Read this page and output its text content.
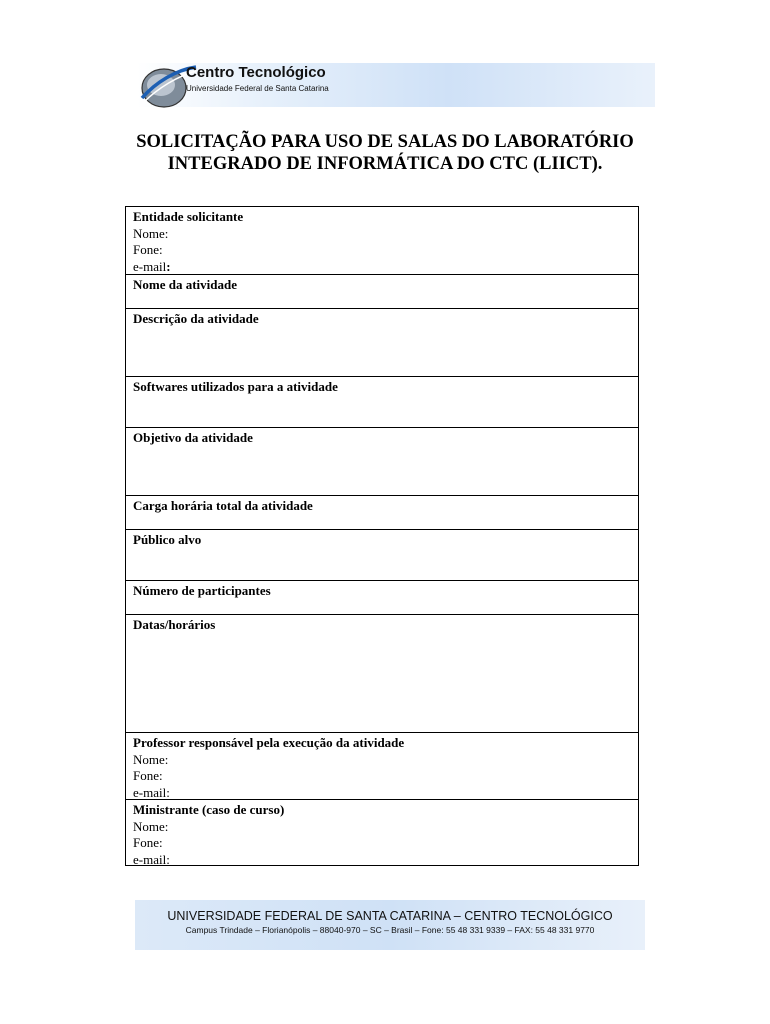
Centro Tecnológico
Universidade Federal de Santa Catarina
SOLICITAÇÃO PARA USO DE SALAS DO LABORATÓRIO
INTEGRADO DE INFORMÁTICA DO CTC (LIICT).
Entidade solicitante
Nome:
Fone:
e-mail:
Nome da atividade
Descrição da atividade
Softwares utilizados para a atividade
Objetivo da atividade
Carga horária total da atividade
Público alvo
Número de participantes
Datas/horários
Professor responsável pela execução da atividade
Nome:
Fone:
e-mail:
Ministrante (caso de curso)
Nome:
Fone:
e-mail:
UNIVERSIDADE FEDERAL DE SANTA CATARINA – CENTRO TECNOLÓGICO
Campus Trindade – Florianópolis – 88040-970 – SC – Brasil – Fone: 55 48 331 9339 – FAX: 55 48 331 9770
